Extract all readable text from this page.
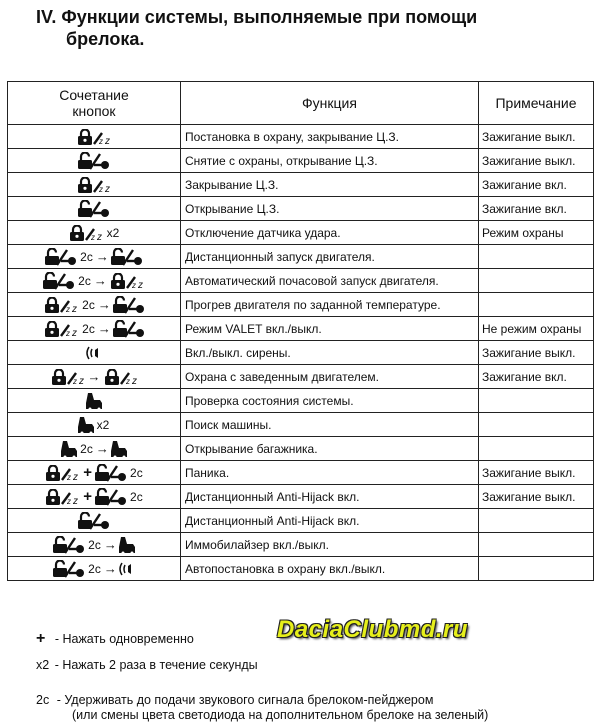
IV. Функции системы, выполняемые при помощи
брелока.
Сочетание
кнопок	Функция	Примечание

z z	Постановка в охрану, закрывание Ц.З.	Зажигание выкл.
	Снятие с охраны, открывание Ц.З.	Зажигание выкл.

z z	Закрывание Ц.З.	Зажигание вкл.
	Открывание Ц.З.	Зажигание вкл.

z z x2	Отключение датчика удара.	Режим охраны
2с →	Дистанционный запуск двигателя.	
2с → z z	Автоматический почасовой запуск двигателя.	

z z 2с →	Прогрев двигателя по заданной температуре.	

z z 2с →	Режим VALET вкл./выкл.	Не режим охраны
	Вкл./выкл. сирены.	Зажигание выкл.

z z → z z	Охрана с заведенным двигателем.	Зажигание вкл.
	Проверка состояния системы.	
x2	Поиск машины.	
2с →	Открывание багажника.	

z z + 2с	Паника.	Зажигание выкл.

z z + 2с	Дистанционный Anti-Hijack вкл.	Зажигание выкл.
	Дистанционный Anti-Hijack вкл.	
2с →	Иммобилайзер вкл./выкл.	
2с →	Автопостановка в охрану вкл./выкл.	
DaciaClubmd.ru
+ - Нажать одновременно
x2 - Нажать 2 раза в течение секунды
2с - Удерживать до подачи звукового сигнала брелоком-пейджером
(или смены цвета светодиода на дополнительном брелоке на зеленый)
